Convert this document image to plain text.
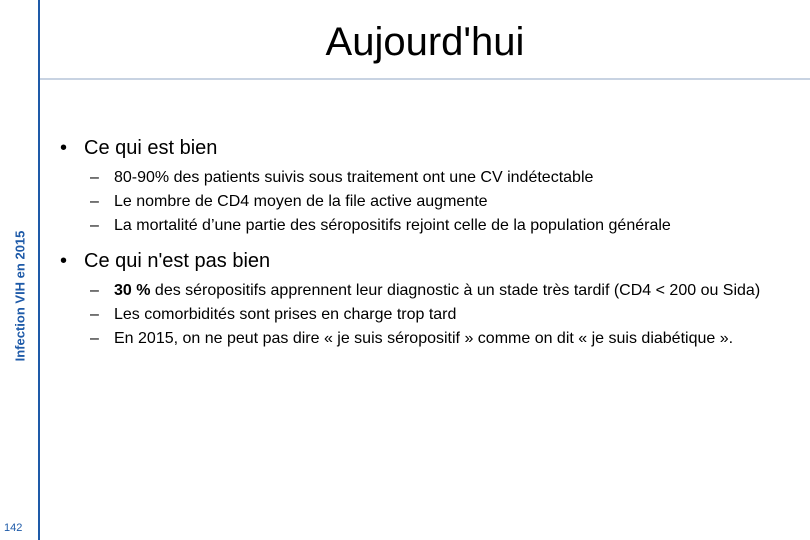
Infection VIH en 2015
142
Aujourd'hui
• Ce qui est bien
– 80-90% des patients suivis sous traitement ont une CV indétectable
– Le nombre de CD4 moyen de la file active augmente
– La mortalité d’une partie des séropositifs rejoint celle de la population générale
• Ce qui n'est pas bien
– 30 % des séropositifs apprennent leur diagnostic à un stade très tardif (CD4 < 200 ou Sida)
– Les comorbidités sont prises en charge trop tard
– En 2015, on ne peut pas dire « je suis séropositif » comme on dit « je suis diabétique ».
